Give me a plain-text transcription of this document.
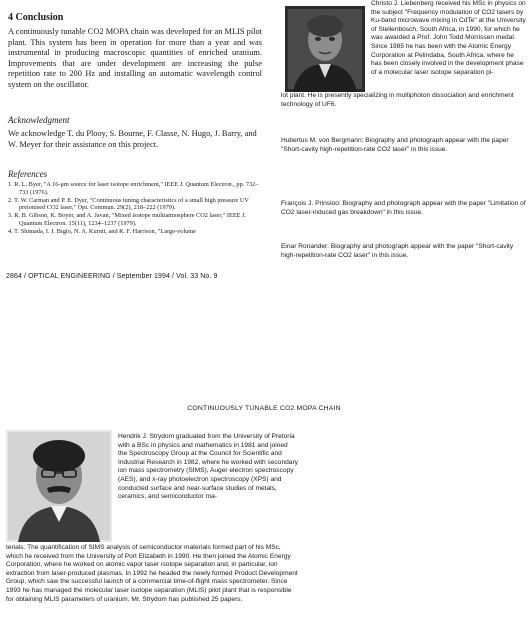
4 Conclusion
A continuously tunable CO2 MOPA chain was developed for an MLIS pilot plant. This system has been in operation for more than a year and was instrumental in producing macroscopic quantities of enriched uranium. Improvements that are under development are increasing the pulse repetition rate to 200 Hz and installing an automatic wavelength control system on the oscillator.
Acknowledgment
We acknowledge T. du Plooy, S. Bourne, F. Classe, N. Hugo, J. Barry, and W. Meyer for their assistance on this project.
References
1. R. L. Byer, "A 16-μm source for laser isotope enrichment," IEEE J. Quantum Electron., pp. 732–733 (1976).
2. T. W. Carman and P. E. Dyer, "Continuous tuning characteristics of a small high pressure UV preionised CO2 laser," Opt. Commun. 29(2), 218–222 (1979).
3. R. B. Gibson, K. Boyer, and A. Javan, "Mixed isotope multiatmosphere CO2 laser," IEEE J. Quantum Electron. 15(11), 1234–1237 (1979).
4. T. Shimada, I. J. Bigio, N. A. Kurnit, and R. F. Harrison, "Large-volume
2864 / OPTICAL ENGINEERING / September 1994 / Vol. 33 No. 9
Christo J. Liebenberg received his MSc in physics on the subject "Frequency modulation of CO2 lasers by Ku-band microwave mixing in CdTe" at the University of Stellenbosch, South Africa, in 1990, for which he was awarded a Prof. John Todd Morrissen medal. Since 1985 he has been with the Atomic Energy Corporation at Pelindaba, South Africa, where he has been closely involved in the development phase of a molecular laser isotope separation pi-
lot plant. He is presently specializing in multiphoton dissociation and enrichment technology of UF6.
Hubertus M. von Bergmann: Biography and photograph appear with the paper "Short-cavity high-repetition-rate CO2 laser" in this issue.
François J. Prinsloo: Biography and photograph appear with the paper "Limitation of CO2 laser-induced gas breakdown" in this issue.
Einar Ronander: Biography and photograph appear with the paper "Short-cavity high-repetition-rate CO2 laser" in this issue.
CONTINUOUSLY TUNABLE CO2 MOPA CHAIN
Hendrik J. Strydom graduated from the University of Pretoria with a BSc in physics and mathematics in 1981 and joined the Spectroscopy Group at the Council for Scientific and Industrial Research in 1982, where he worked with secondary ion mass spectrometry (SIMS), Auger electron spectroscopy (AES), and x-ray photoelectron spectroscopy (XPS) and conducted surface and near-surface studies of metals, ceramics, and semiconductor ma-
terials. The quantification of SIMS analysis of semiconductor materials formed part of his MSc, which he received from the University of Port Elizabeth in 1990. He then joined the Atomic Energy Corporation, where he worked on atomic vapor laser isotope separation and, in particular, ion extraction from laser-produced plasmas. In 1992 he headed the newly formed Product Development Group, which saw the successful launch of a commercial time-of-flight mass spectrometer. Since 1993 he has managed the molecular laser isotope separation (MLIS) pilot plant that is responsible for obtaining MLIS parameters of uranium. Mr. Strydom has published 25 papers.
